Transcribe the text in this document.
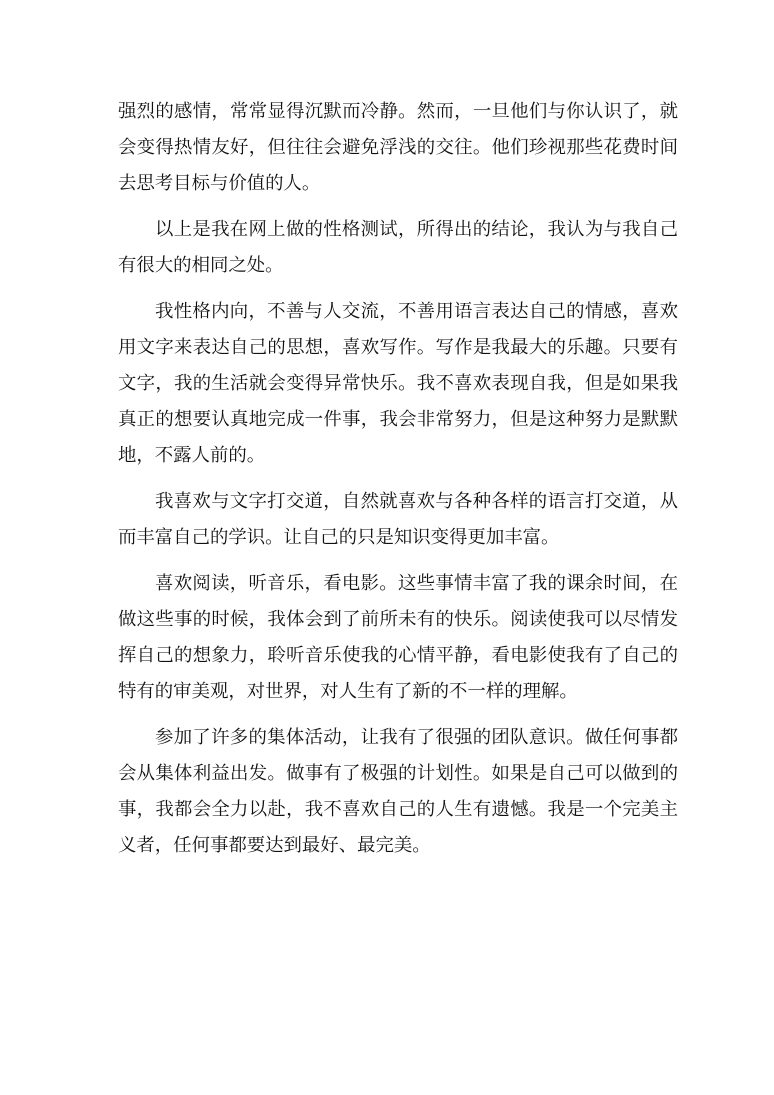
强烈的感情，常常显得沉默而冷静。然而，一旦他们与你认识了，就
会变得热情友好，但往往会避免浮浅的交往。他们珍视那些花费时间
去思考目标与价值的人。
以上是我在网上做的性格测试，所得出的结论，我认为与我自己
有很大的相同之处。
我性格内向，不善与人交流，不善用语言表达自己的情感，喜欢
用文字来表达自己的思想，喜欢写作。写作是我最大的乐趣。只要有
文字，我的生活就会变得异常快乐。我不喜欢表现自我，但是如果我
真正的想要认真地完成一件事，我会非常努力，但是这种努力是默默
地，不露人前的。
我喜欢与文字打交道，自然就喜欢与各种各样的语言打交道，从
而丰富自己的学识。让自己的只是知识变得更加丰富。
喜欢阅读，听音乐，看电影。这些事情丰富了我的课余时间，在
做这些事的时候，我体会到了前所未有的快乐。阅读使我可以尽情发
挥自己的想象力，聆听音乐使我的心情平静，看电影使我有了自己的
特有的审美观，对世界，对人生有了新的不一样的理解。
参加了许多的集体活动，让我有了很强的团队意识。做任何事都
会从集体利益出发。做事有了极强的计划性。如果是自己可以做到的
事，我都会全力以赴，我不喜欢自己的人生有遗憾。我是一个完美主
义者，任何事都要达到最好、最完美。
